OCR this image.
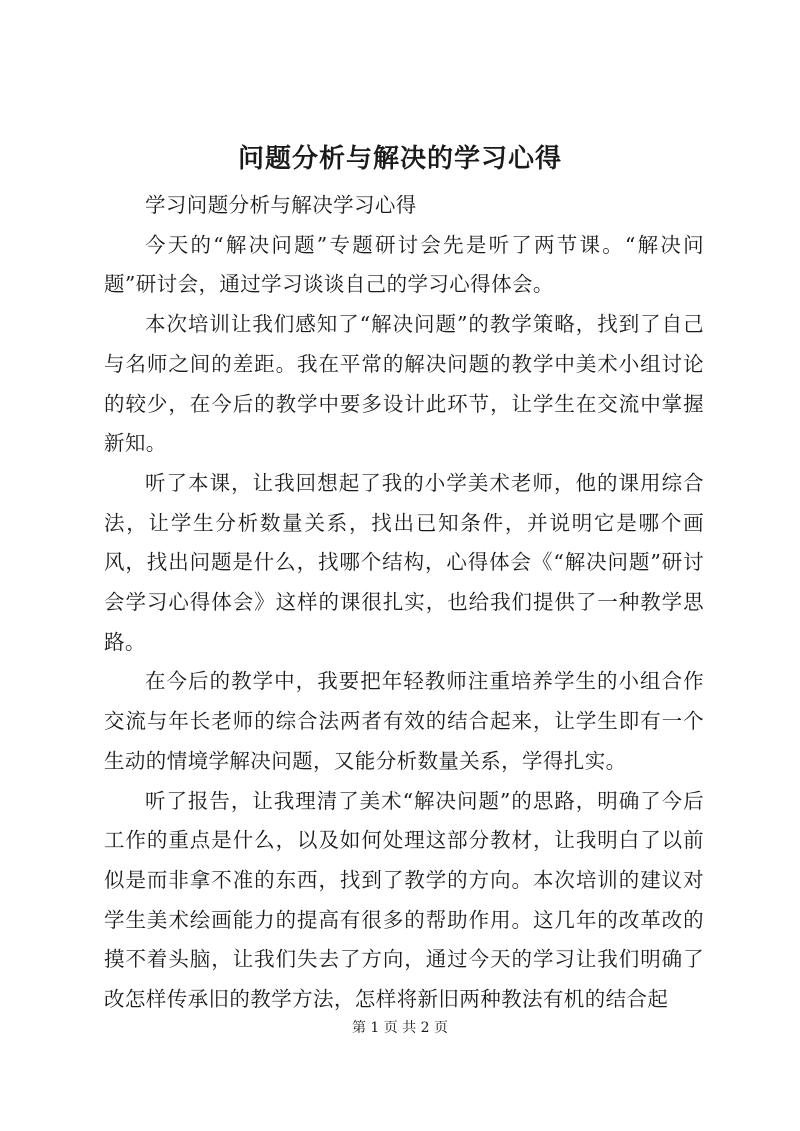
问题分析与解决的学习心得

学习问题分析与解决学习心得

今天的“解决问题”专题研讨会先是听了两节课。“解决问题”研讨会，通过学习谈谈自己的学习心得体会。

本次培训让我们感知了“解决问题”的教学策略，找到了自己与名师之间的差距。我在平常的解决问题的教学中美术小组讨论的较少，在今后的教学中要多设计此环节，让学生在交流中掌握新知。

听了本课，让我回想起了我的小学美术老师，他的课用综合法，让学生分析数量关系，找出已知条件，并说明它是哪个画风，找出问题是什么，找哪个结构，心得体会《“解决问题”研讨会学习心得体会》这样的课很扎实，也给我们提供了一种教学思路。

在今后的教学中，我要把年轻教师注重培养学生的小组合作交流与年长老师的综合法两者有效的结合起来，让学生即有一个生动的情境学解决问题，又能分析数量关系，学得扎实。

听了报告，让我理清了美术“解决问题”的思路，明确了今后工作的重点是什么，以及如何处理这部分教材，让我明白了以前似是而非拿不准的东西，找到了教学的方向。本次培训的建议对学生美术绘画能力的提高有很多的帮助作用。这几年的改革改的摸不着头脑，让我们失去了方向，通过今天的学习让我们明确了改怎样传承旧的教学方法，怎样将新旧两种教法有机的结合起

第 1 页 共 2 页
